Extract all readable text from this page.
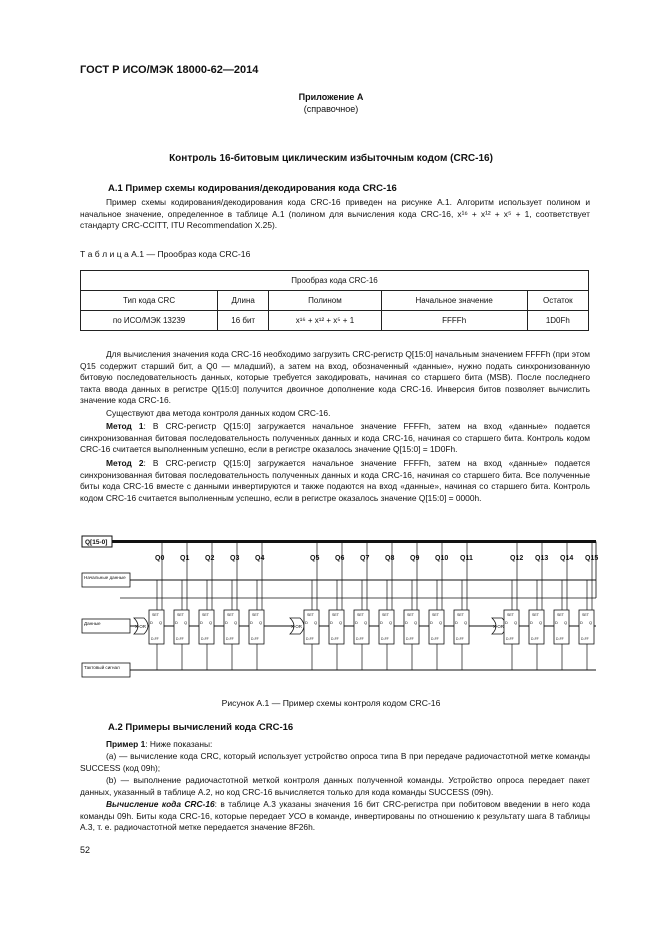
ГОСТ Р ИСО/МЭК 18000-62—2014
Приложение А
(справочное)
Контроль 16-битовым циклическим избыточным кодом (CRC-16)
А.1 Пример схемы кодирования/декодирования кода CRC-16
Пример схемы кодирования/декодирования кода CRC-16 приведен на рисунке А.1. Алгоритм использует полином и начальное значение, определенное в таблице А.1 (полином для вычисления кода CRC-16, x¹⁶ + x¹² + x⁵ + 1, соответствует стандарту CRC-CCITT, ITU Recommendation X.25).
Т а б л и ц а А.1 — Прообраз кода CRC-16
Прообраз кода CRC-16				
Тип кода CRC	Длина	Полином	Начальное значение	Остаток
по ИСО/МЭК 13239	16 бит	x¹⁶ + x¹² + x⁵ + 1	FFFFh	1D0Fh
Для вычисления значения кода CRC-16 необходимо загрузить CRC-регистр Q[15:0] начальным значением FFFFh (при этом Q15 содержит старший бит, а Q0 — младший), а затем на вход, обозначенный «данные», нужно подать синхронизованную битовую последовательность данных, которые требуется закодировать, начиная со старшего бита (MSB). После последнего такта ввода данных в регистре Q[15:0] получится двоичное дополнение кода CRC-16. Инверсия битов позволяет вычислить значение кода CRC-16.
Существуют два метода контроля данных кодом CRC-16.
Метод 1: В CRC-регистр Q[15:0] загружается начальное значение FFFFh, затем на вход «данные» подается синхронизованная битовая последовательность полученных данных и кода CRC-16, начиная со старшего бита. Контроль кодом CRC-16 считается выполненным успешно, если в регистре оказалось значение Q[15:0] = 1D0Fh.
Метод 2: В CRC-регистр Q[15:0] загружается начальное значение FFFFh, затем на вход «данные» подается синхронизованная битовая последовательность полученных данных и кода CRC-16, начиная со старшего бита. Все полученные биты кода CRC-16 вместе с данными инвертируются и также подаются на вход «данные», начиная со старшего бита. Контроль кодом CRC-16 считается выполненным успешно, если в регистре оказалось значение Q[15:0] = 0000h.
Q[15-0]
Начальные данные
Данные
Тактовый сигнал
X-OR	X-OR	X-OR
SET
D Q
D-FF
Q0
SET
D Q
D-FF
Q1
SET
D Q
D-FF
Q2
SET
D Q
D-FF
Q3
SET
D Q
D-FF
Q4
SET
D Q
D-FF
Q5
SET
D Q
D-FF
Q6
SET
D Q
D-FF
Q7
SET
D Q
D-FF
Q8
SET
D Q
D-FF
Q9
SET
D Q
D-FF
Q10
SET
D Q
D-FF
Q11
SET
D Q
D-FF
Q12
SET
D Q
D-FF
Q13
SET
D Q
D-FF
Q14
SET
D Q
D-FF
Q15
Рисунок А.1 — Пример схемы контроля кодом CRC-16
А.2 Примеры вычислений кода CRC-16
Пример 1: Ниже показаны:
(a) — вычисление кода CRC, который использует устройство опроса типа В при передаче радиочастотной метке команды SUCCESS (код 09h);
(b) — выполнение радиочастотной меткой контроля данных полученной команды. Устройство опроса передает пакет данных, указанный в таблице А.2, но код CRC-16 вычисляется только для кода команды SUCCESS (09h).
Вычисление кода CRC-16: в таблице А.3 указаны значения 16 бит CRC-регистра при побитовом введении в него кода команды 09h. Биты кода CRC-16, которые передает УСО в команде, инвертированы по отношению к результату шага 8 таблицы А.3, т. е. радиочастотной метке передается значение 8F26h.
52
